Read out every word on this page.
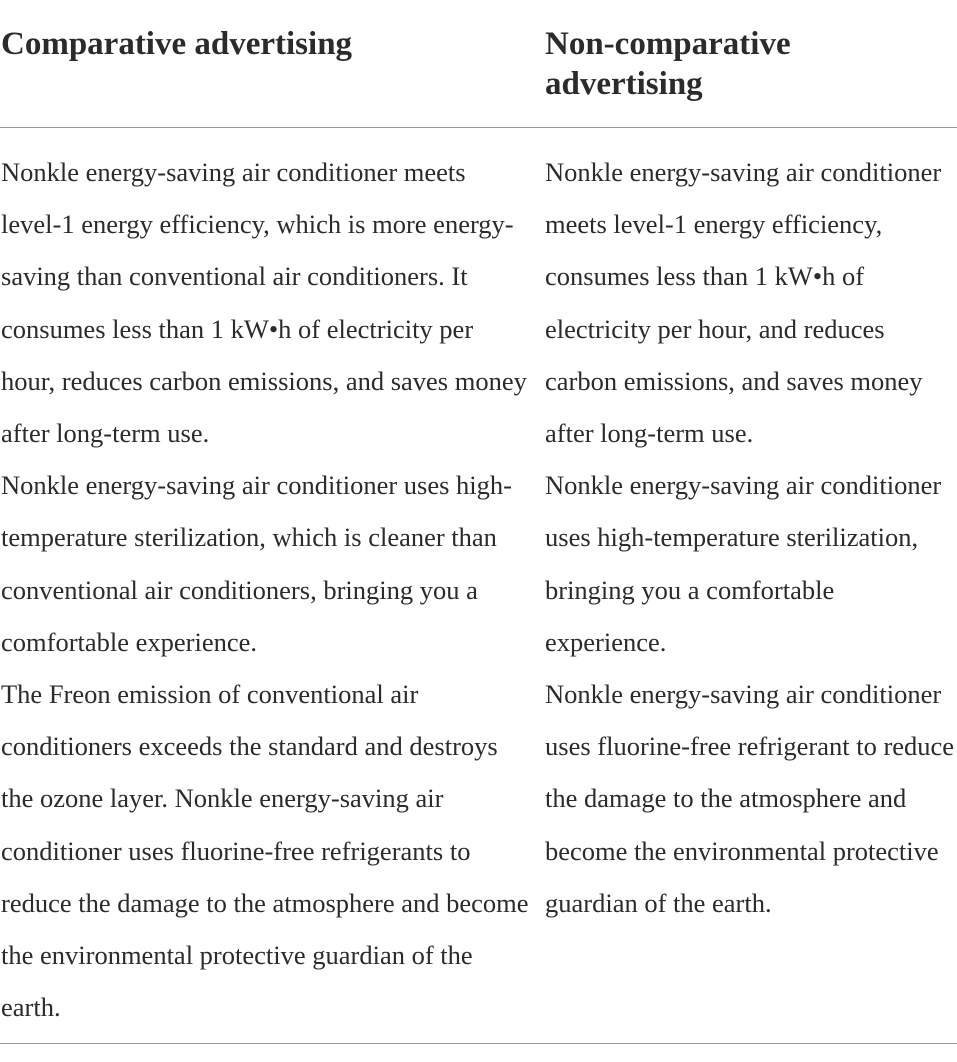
Comparative advertising	Non-comparative advertising

Nonkle energy-saving air conditioner meets level-1 energy efficiency, which is more energy-saving than conventional air conditioners. It consumes less than 1 kW•h of electricity per hour, reduces carbon emissions, and saves money after long-term use.

Nonkle energy-saving air conditioner uses high-temperature sterilization, which is cleaner than conventional air conditioners, bringing you a comfortable experience.

The Freon emission of conventional air conditioners exceeds the standard and destroys the ozone layer. Nonkle energy-saving air conditioner uses fluorine-free refrigerants to reduce the damage to the atmosphere and become the environmental protective guardian of the earth.

Nonkle energy-saving air conditioner meets level-1 energy efficiency, consumes less than 1 kW•h of electricity per hour, and reduces carbon emissions, and saves money after long-term use.

Nonkle energy-saving air conditioner uses high-temperature sterilization, bringing you a comfortable experience.

Nonkle energy-saving air conditioner uses fluorine-free refrigerant to reduce the damage to the atmosphere and become the environmental protective guardian of the earth.
